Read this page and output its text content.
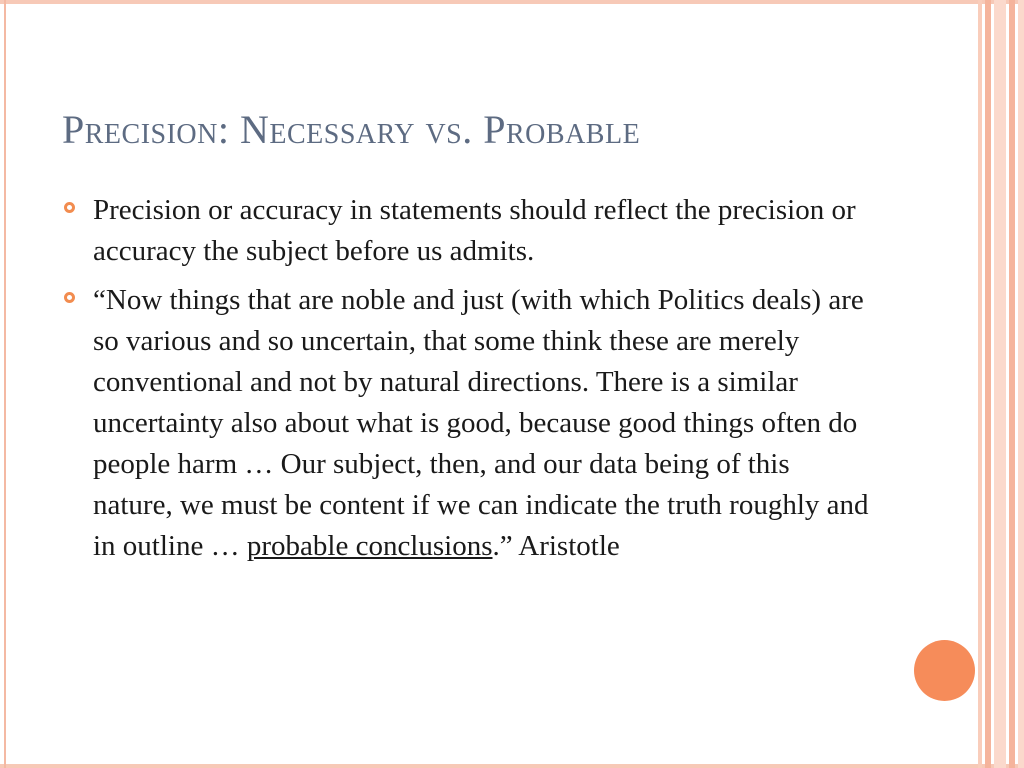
Precision: Necessary vs. Probable
Precision or accuracy in statements should reflect the precision or accuracy the subject before us admits.
“Now things that are noble and just (with which Politics deals) are so various and so uncertain, that some think these are merely conventional and not by natural directions. There is a similar uncertainty also about what is good, because good things often do people harm … Our subject, then, and our data being of this nature, we must be content if we can indicate the truth roughly and in outline … probable conclusions.” Aristotle
